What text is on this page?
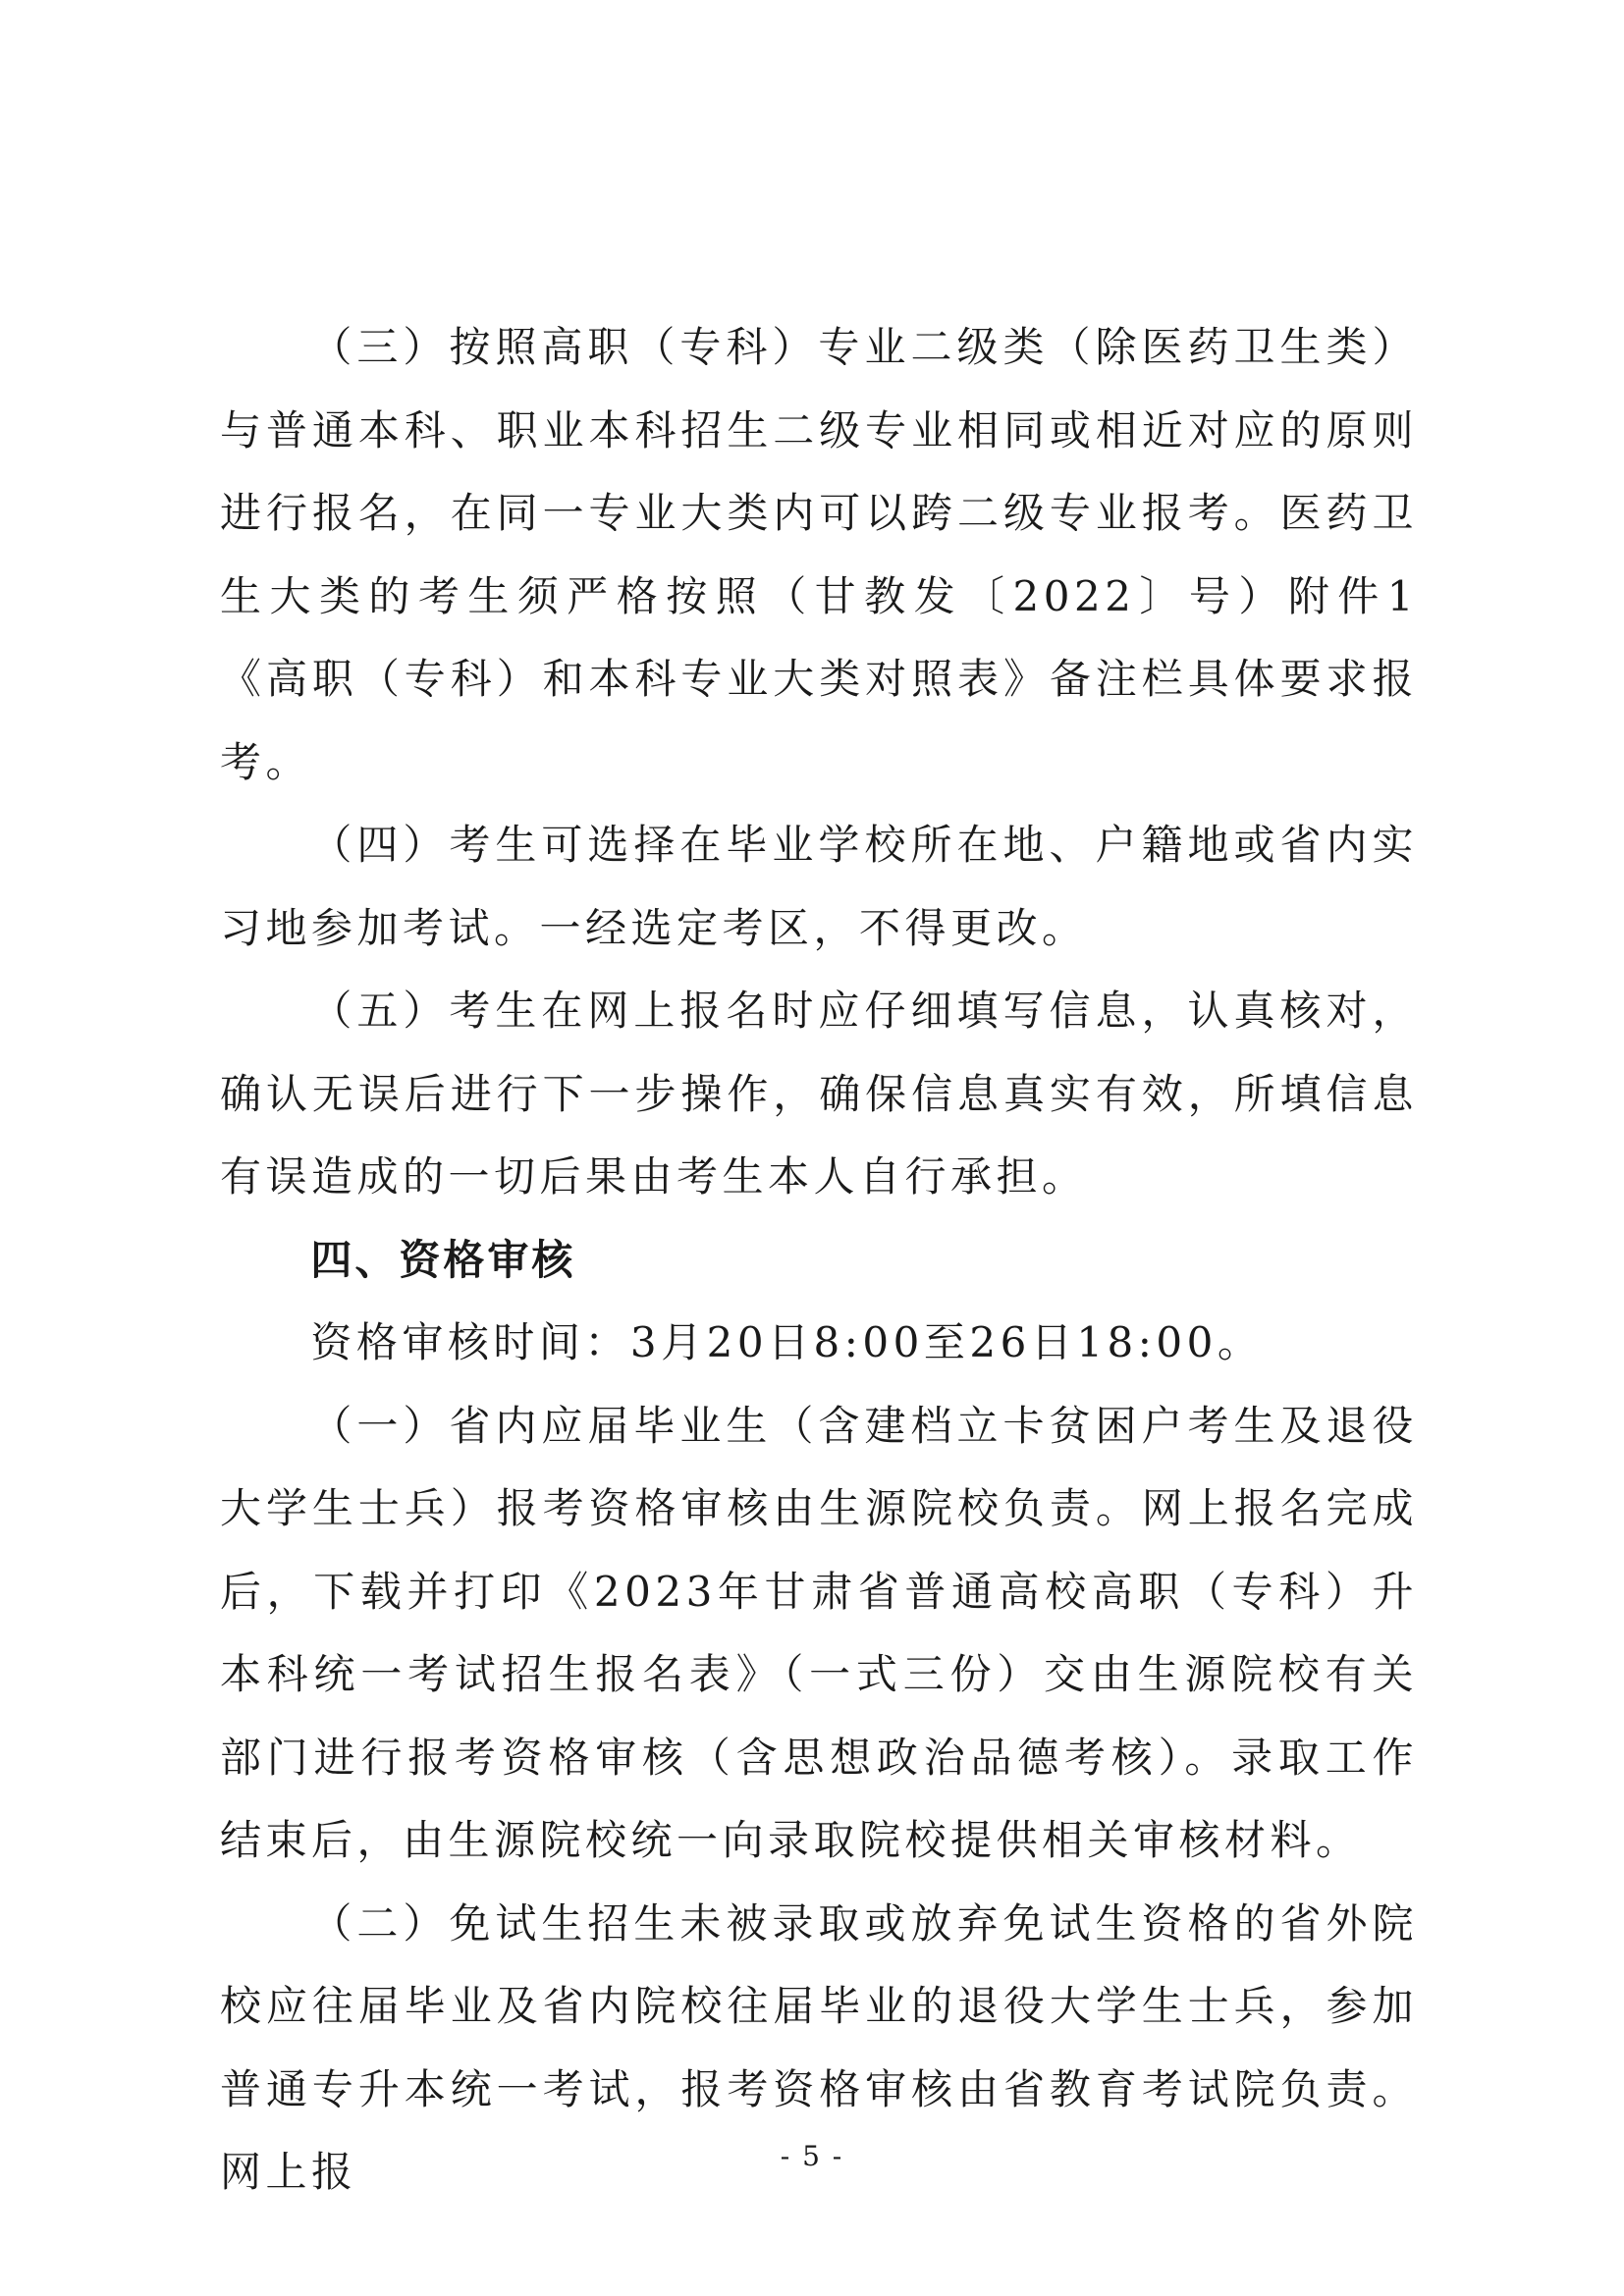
（三）按照高职（专科）专业二级类（除医药卫生类）与普通本科、职业本科招生二级专业相同或相近对应的原则进行报名，在同一专业大类内可以跨二级专业报考。医药卫生大类的考生须严格按照（甘教发〔2022〕号）附件1《高职（专科）和本科专业大类对照表》备注栏具体要求报考。

（四）考生可选择在毕业学校所在地、户籍地或省内实习地参加考试。一经选定考区，不得更改。

（五）考生在网上报名时应仔细填写信息，认真核对，确认无误后进行下一步操作，确保信息真实有效，所填信息有误造成的一切后果由考生本人自行承担。

四、资格审核

资格审核时间：3月20日8:00至26日18:00。

（一）省内应届毕业生（含建档立卡贫困户考生及退役大学生士兵）报考资格审核由生源院校负责。网上报名完成后，下载并打印《2023年甘肃省普通高校高职（专科）升本科统一考试招生报名表》（一式三份）交由生源院校有关部门进行报考资格审核（含思想政治品德考核）。录取工作结束后，由生源院校统一向录取院校提供相关审核材料。

（二）免试生招生未被录取或放弃免试生资格的省外院校应往届毕业及省内院校往届毕业的退役大学生士兵，参加普通专升本统一考试，报考资格审核由省教育考试院负责。网上报	- 5 -
